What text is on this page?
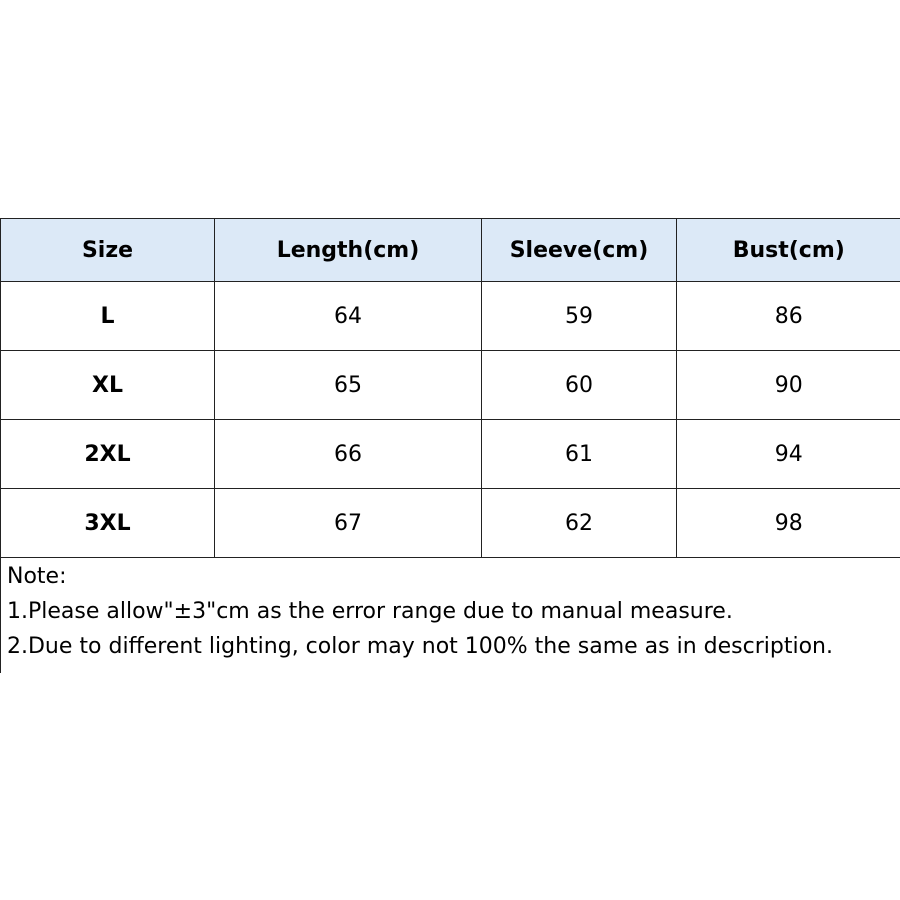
Size	Length(cm)	Sleeve(cm)	Bust(cm)
L	64	59	86
XL	65	60	90
2XL	66	61	94
3XL	67	62	98
Note:
1.Please allow"±3"cm as the error range due to manual measure.
2.Due to different lighting, color may not 100% the same as in description.
